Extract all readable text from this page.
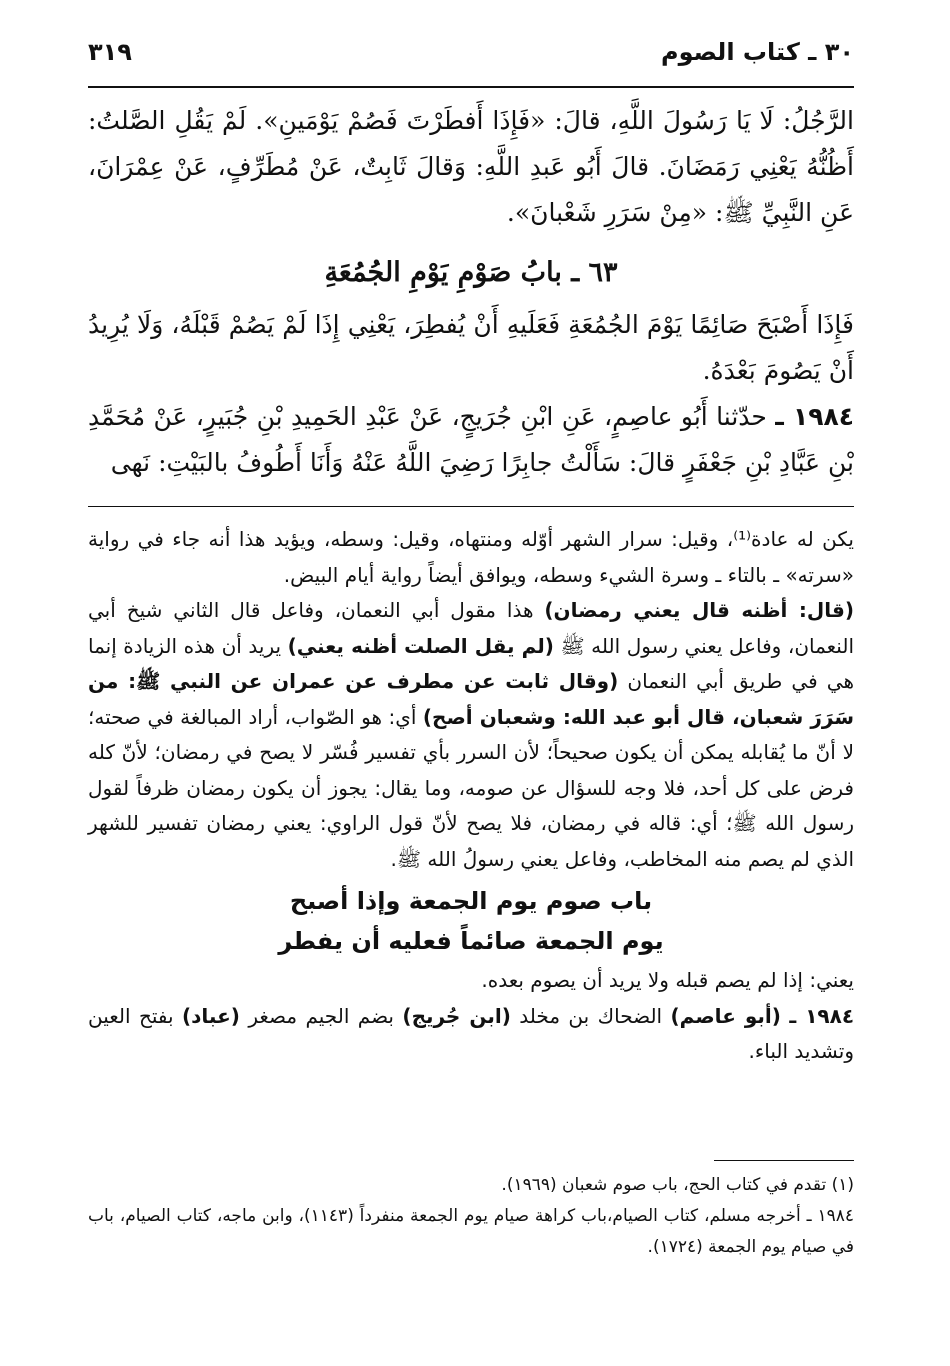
٣٠ ـ كتاب الصوم
٣١٩

الرَّجُلُ: لَا يَا رَسُولَ اللَّهِ، قالَ: «فَإِذَا أَفطَرْتَ فَصُمْ يَوْمَينِ». لَمْ يَقُلِ الصَّلتُ: أَظُنُّهُ يَعْنِي رَمَضَانَ. قالَ أَبُو عَبدِ اللَّهِ: وَقالَ ثَابِتٌ، عَنْ مُطَرِّفٍ، عَنْ عِمْرَانَ، عَنِ النَّبِيِّ ﷺ: «مِنْ سَرَرِ شَعْبانَ».

٦٣ ـ بابُ صَوْمِ يَوْمِ الجُمُعَةِ

فَإِذَا أَصْبَحَ صَائِمًا يَوْمَ الجُمُعَةِ فَعَلَيهِ أَنْ يُفطِرَ، يَعْنِي إِذَا لَمْ يَصُمْ قَبْلَهُ، وَلَا يُرِيدُ أَنْ يَصُومَ بَعْدَهُ.

١٩٨٤ ـ حدّثنا أَبُو عاصِمٍ، عَنِ ابْنِ جُرَيجٍ، عَنْ عَبْدِ الحَمِيدِ بْنِ جُبَيرٍ، عَنْ مُحَمَّدِ بْنِ عَبَّادِ بْنِ جَعْفَرٍ قالَ: سَأَلْتُ جابِرًا رَضِيَ اللَّهُ عَنْهُ وَأَنَا أَطُوفُ بالبَيْتِ: نَهى

يكن له عادة⁽¹⁾، وقيل: سرار الشهر أوّله ومنتهاه، وقيل: وسطه، ويؤيد هذا أنه جاء في رواية «سرته» ـ بالتاء ـ وسرة الشيء وسطه، ويوافق أيضاً رواية أيام البيض.

(قال: أظنه قال يعني رمضان) هذا مقول أبي النعمان، وفاعل قال الثاني شيخ أبي النعمان، وفاعل يعني رسول الله ﷺ (لم يقل الصلت أظنه يعني) يريد أن هذه الزيادة إنما هي في طريق أبي النعمان (وقال ثابت عن مطرف عن عمران عن النبي ﷺ: من سَرَرَ شعبان، قال أبو عبد الله: وشعبان أصح) أي: هو الصّواب، أراد المبالغة في صحته؛ لا أنّ ما يُقابله يمكن أن يكون صحيحاً؛ لأن السرر بأي تفسير فُسّر لا يصح في رمضان؛ لأنّ كله فرض على كل أحد، فلا وجه للسؤال عن صومه، وما يقال: يجوز أن يكون رمضان ظرفاً لقول رسول الله ﷺ؛ أي: قاله في رمضان، فلا يصح لأنّ قول الراوي: يعني رمضان تفسير للشهر الذي لم يصم منه المخاطب، وفاعل يعني رسولُ الله ﷺ.

باب صوم يوم الجمعة وإذا أصبح
يوم الجمعة صائماً فعليه أن يفطر

يعني: إذا لم يصم قبله ولا يريد أن يصوم بعده.

١٩٨٤ ـ (أبو عاصم) الضحاك بن مخلد (ابن جُريج) بضم الجيم مصغر (عباد) بفتح العين وتشديد الباء.

(١) تقدم في كتاب الحج، باب صوم شعبان (١٩٦٩).

١٩٨٤ ـ أخرجه مسلم، كتاب الصيام،باب كراهة صيام يوم الجمعة منفرداً (١١٤٣)، وابن ماجه، كتاب الصيام، باب في صيام يوم الجمعة (١٧٢٤).
